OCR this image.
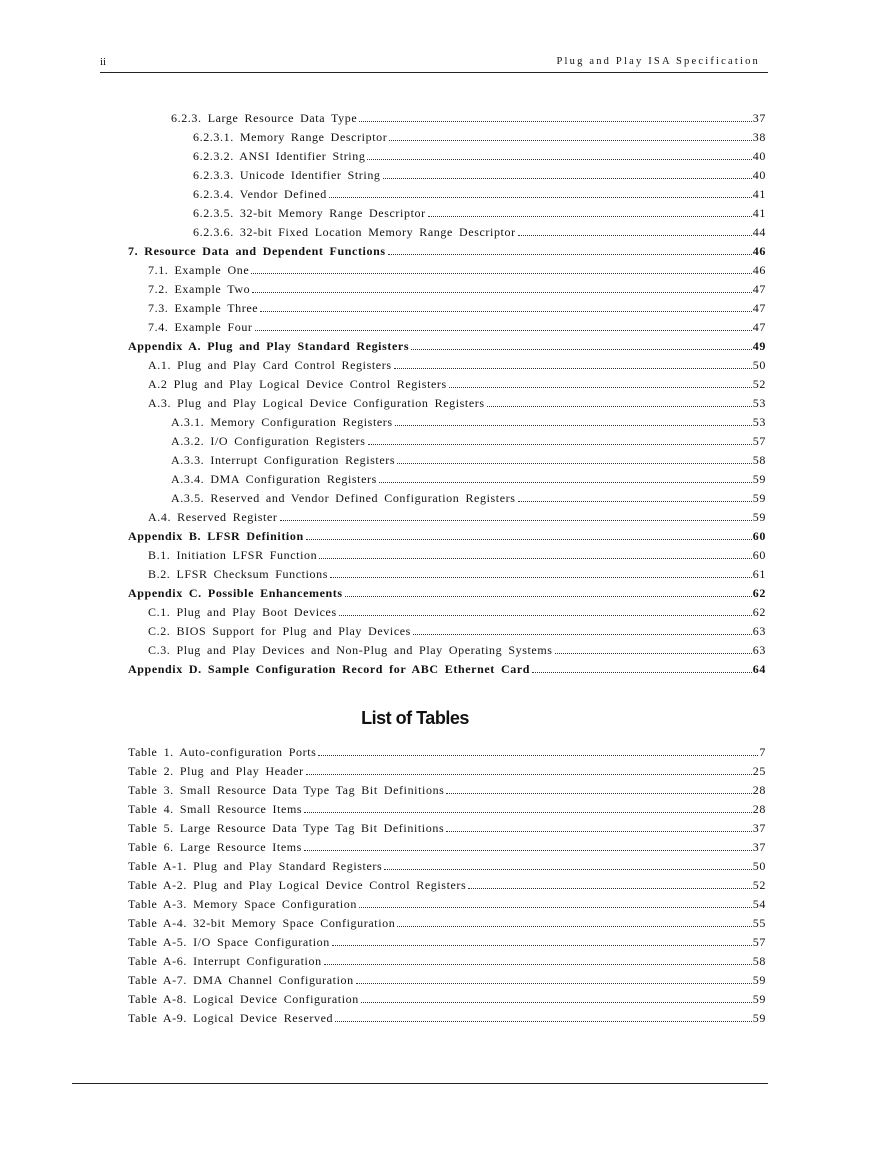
ii	Plug and Play ISA Specification
6.2.3. Large Resource Data Type	37
6.2.3.1. Memory Range Descriptor	38
6.2.3.2. ANSI Identifier String	40
6.2.3.3. Unicode Identifier String	40
6.2.3.4. Vendor Defined	41
6.2.3.5. 32-bit Memory Range Descriptor	41
6.2.3.6. 32-bit Fixed Location Memory Range Descriptor	44
7. Resource Data and Dependent Functions	46
7.1. Example One	46
7.2. Example Two	47
7.3. Example Three	47
7.4. Example Four	47
Appendix A. Plug and Play Standard Registers	49
A.1. Plug and Play Card Control Registers	50
A.2 Plug and Play Logical Device Control Registers	52
A.3. Plug and Play Logical Device Configuration Registers	53
A.3.1. Memory Configuration Registers	53
A.3.2. I/O Configuration Registers	57
A.3.3. Interrupt Configuration Registers	58
A.3.4. DMA Configuration Registers	59
A.3.5. Reserved and Vendor Defined Configuration Registers	59
A.4. Reserved Register	59
Appendix B. LFSR Definition	60
B.1. Initiation LFSR Function	60
B.2. LFSR Checksum Functions	61
Appendix C. Possible Enhancements	62
C.1. Plug and Play Boot Devices	62
C.2. BIOS Support for Plug and Play Devices	63
C.3. Plug and Play Devices and Non-Plug and Play Operating Systems	63
Appendix D. Sample Configuration Record for ABC Ethernet Card	64
List of Tables
Table 1. Auto-configuration Ports	7
Table 2. Plug and Play Header	25
Table 3. Small Resource Data Type Tag Bit Definitions	28
Table 4. Small Resource Items	28
Table 5. Large Resource Data Type Tag Bit Definitions	37
Table 6. Large Resource Items	37
Table A-1. Plug and Play Standard Registers	50
Table A-2. Plug and Play Logical Device Control Registers	52
Table A-3. Memory Space Configuration	54
Table A-4. 32-bit Memory Space Configuration	55
Table A-5. I/O Space Configuration	57
Table A-6. Interrupt Configuration	58
Table A-7. DMA Channel Configuration	59
Table A-8. Logical Device Configuration	59
Table A-9. Logical Device Reserved	59
